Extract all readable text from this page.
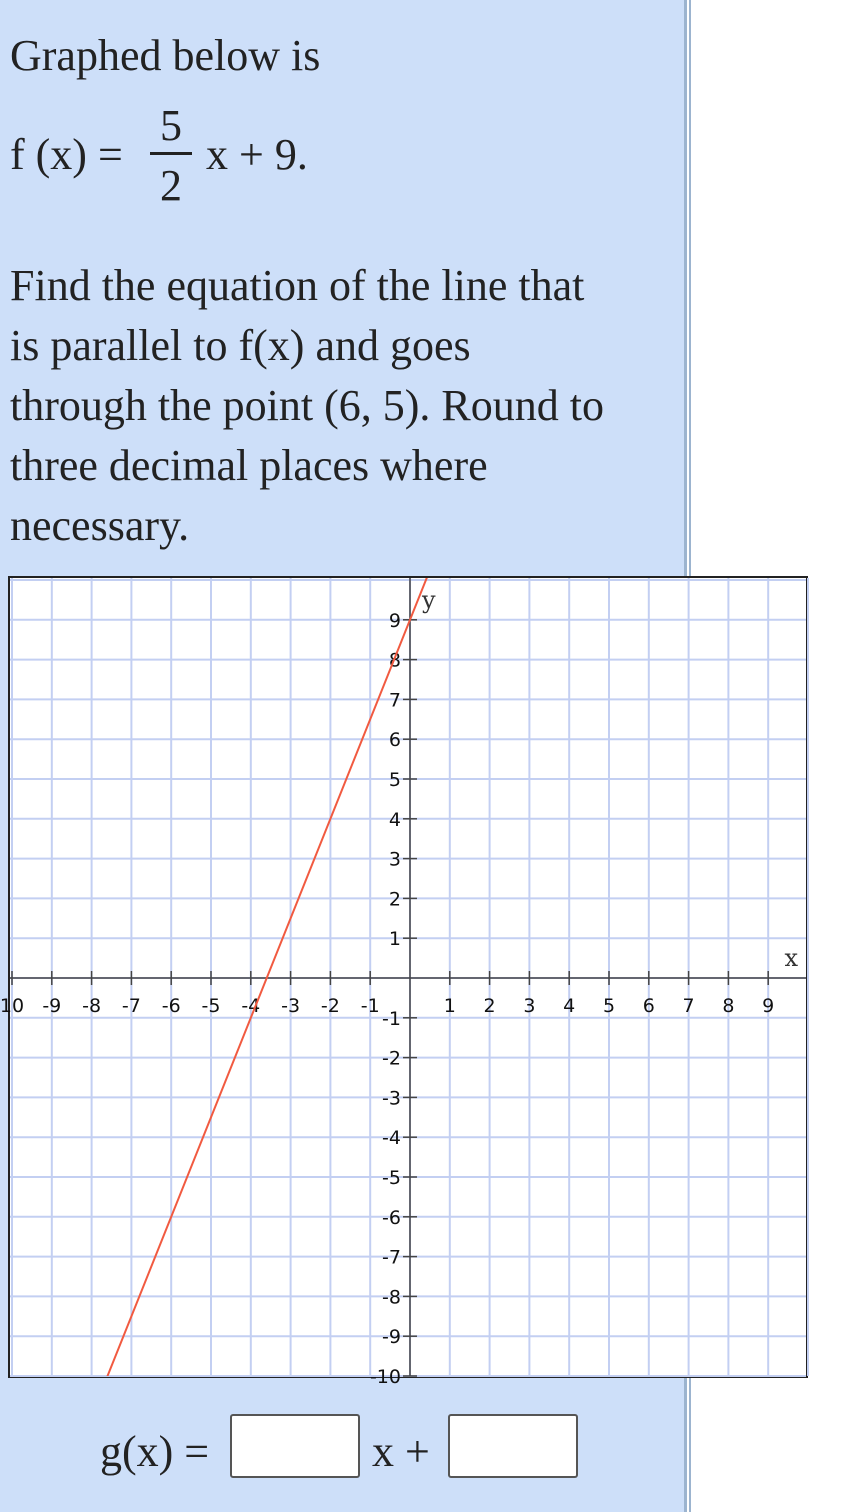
Graphed below is
f (x) =
5
2
x + 9.
Find the equation of the line that
is parallel to f(x) and goes
through the point (6, 5). Round to
three decimal places where
necessary.
10 -9 -8 -7 -6 -5 -4 -3 -2 -1	1 2 3 4 5 6 7 8 9
9
8
7
6
5
4
3
2
1
-1
-2
-3
-4
-5
-6
-7
-8
-9
-10
x
y
g(x) =	x +
